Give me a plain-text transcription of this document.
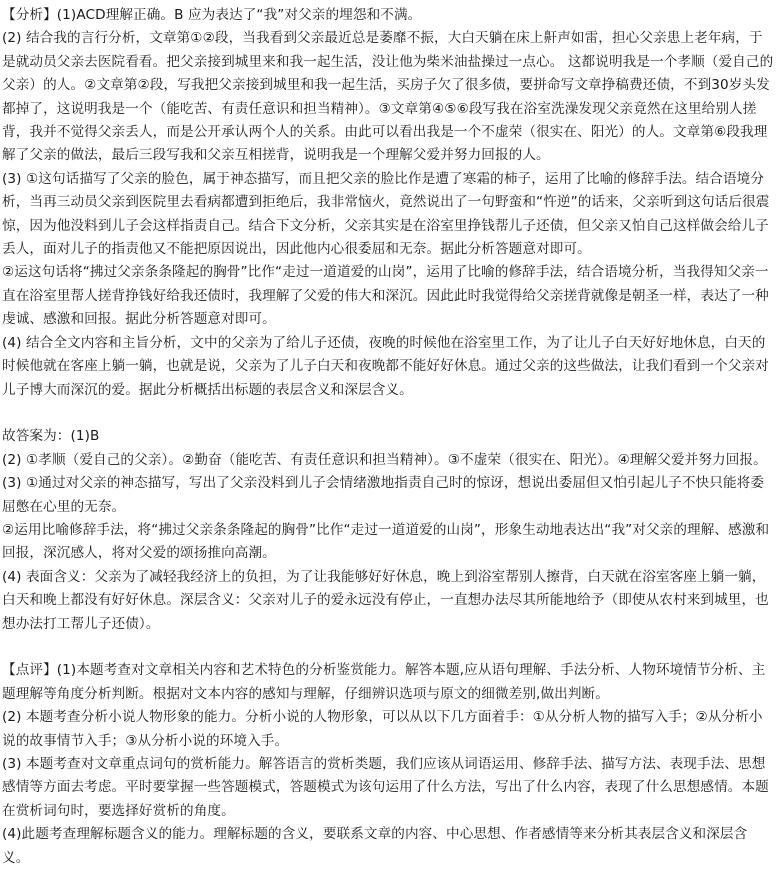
【分析】(1)ACD理解正确。B 应为表达了“我”对父亲的埋怨和不满。

(2) 结合我的言行分析，文章第①②段，当我看到父亲最近总是萎靡不振，大白天躺在床上鼾声如雷，担心父亲患上老年病，于是就动员父亲去医院看看。把父亲接到城里来和我一起生活，没让他为柴米油盐操过一点心。 这都说明我是一个孝顺（爱自己的父亲）的人。②文章第②段，写我把父亲接到城里和我一起生活，买房子欠了很多债，要拼命写文章挣稿费还债，不到30岁头发都掉了，这说明我是一个（能吃苦、有责任意识和担当精神）。③文章第④⑤⑥段写我在浴室洗澡发现父亲竟然在这里给别人搓背，我并不觉得父亲丢人，而是公开承认两个人的关系。由此可以看出我是一个不虚荣（很实在、阳光）的人。文章第⑥段我理解了父亲的做法，最后三段写我和父亲互相搓背，说明我是一个理解父爱并努力回报的人。

(3) ①这句话描写了父亲的脸色，属于神态描写，而且把父亲的脸比作是遭了寒霜的柿子，运用了比喻的修辞手法。结合语境分析，当再三动员父亲到医院里去看病都遭到拒绝后，我非常恼火，竟然说出了一句野蛮和“忤逆”的话来，父亲听到这句话后很震惊，因为他没料到儿子会这样指责自己。结合下文分析，父亲其实是在浴室里挣钱帮儿子还债，但父亲又怕自己这样做会给儿子丢人，面对儿子的指责他又不能把原因说出，因此他内心很委屈和无奈。据此分析答题意对即可。

②运这句话将“拂过父亲条条隆起的胸骨”比作“走过一道道爱的山岗”，运用了比喻的修辞手法，结合语境分析，当我得知父亲一直在浴室里帮人搓背挣钱好给我还债时，我理解了父爱的伟大和深沉。因此此时我觉得给父亲搓背就像是朝圣一样，表达了一种虔诚、感激和回报。据此分析答题意对即可。

(4) 结合全文内容和主旨分析，文中的父亲为了给儿子还债，夜晚的时候他在浴室里工作，为了让儿子白天好好地休息，白天的时候他就在客座上躺一躺，也就是说，父亲为了儿子白天和夜晚都不能好好休息。通过父亲的这些做法，让我们看到一个父亲对儿子博大而深沉的爱。据此分析概括出标题的表层含义和深层含义。

故答案为：(1)B

(2) ①孝顺（爱自己的父亲）。②勤奋（能吃苦、有责任意识和担当精神）。③不虚荣（很实在、阳光）。④理解父爱并努力回报。

(3) ①通过对父亲的神态描写，写出了父亲没料到儿子会情绪激地指责自己时的惊讶，想说出委屈但又怕引起儿子不快只能将委屈憋在心里的无奈。

②运用比喻修辞手法，将“拂过父亲条条隆起的胸骨”比作“走过一道道爱的山岗”，形象生动地表达出“我”对父亲的理解、感激和回报，深沉感人，将对父爱的颂扬推向高潮。

(4) 表面含义：父亲为了减轻我经济上的负担，为了让我能够好好休息，晚上到浴室帮别人擦背，白天就在浴室客座上躺一躺，白天和晚上都没有好好休息。深层含义：父亲对儿子的爱永远没有停止，一直想办法尽其所能地给予（即使从农村来到城里，也想办法打工帮儿子还债）。

【点评】(1)本题考查对文章相关内容和艺术特色的分析鉴赏能力。解答本题,应从语句理解、手法分析、人物环境情节分析、主题理解等角度分析判断。根据对文本内容的感知与理解，仔细辨识选项与原文的细微差别,做出判断。

(2) 本题考查分析小说人物形象的能力。分析小说的人物形象，可以从以下几方面着手：①从分析人物的描写入手；②从分析小说的故事情节入手；③从分析小说的环境入手。

(3) 本题考查对文章重点词句的赏析能力。解答语言的赏析类题，我们应该从词语运用、修辞手法、描写方法、表现手法、思想感情等方面去考虑。平时要掌握一些答题模式，答题模式为该句运用了什么方法，写出了什么内容，表现了什么思想感情。本题在赏析词句时，要选择好赏析的角度。

(4)此题考查理解标题含义的能力。理解标题的含义，要联系文章的内容、中心思想、作者感情等来分析其表层含义和深层含义。
